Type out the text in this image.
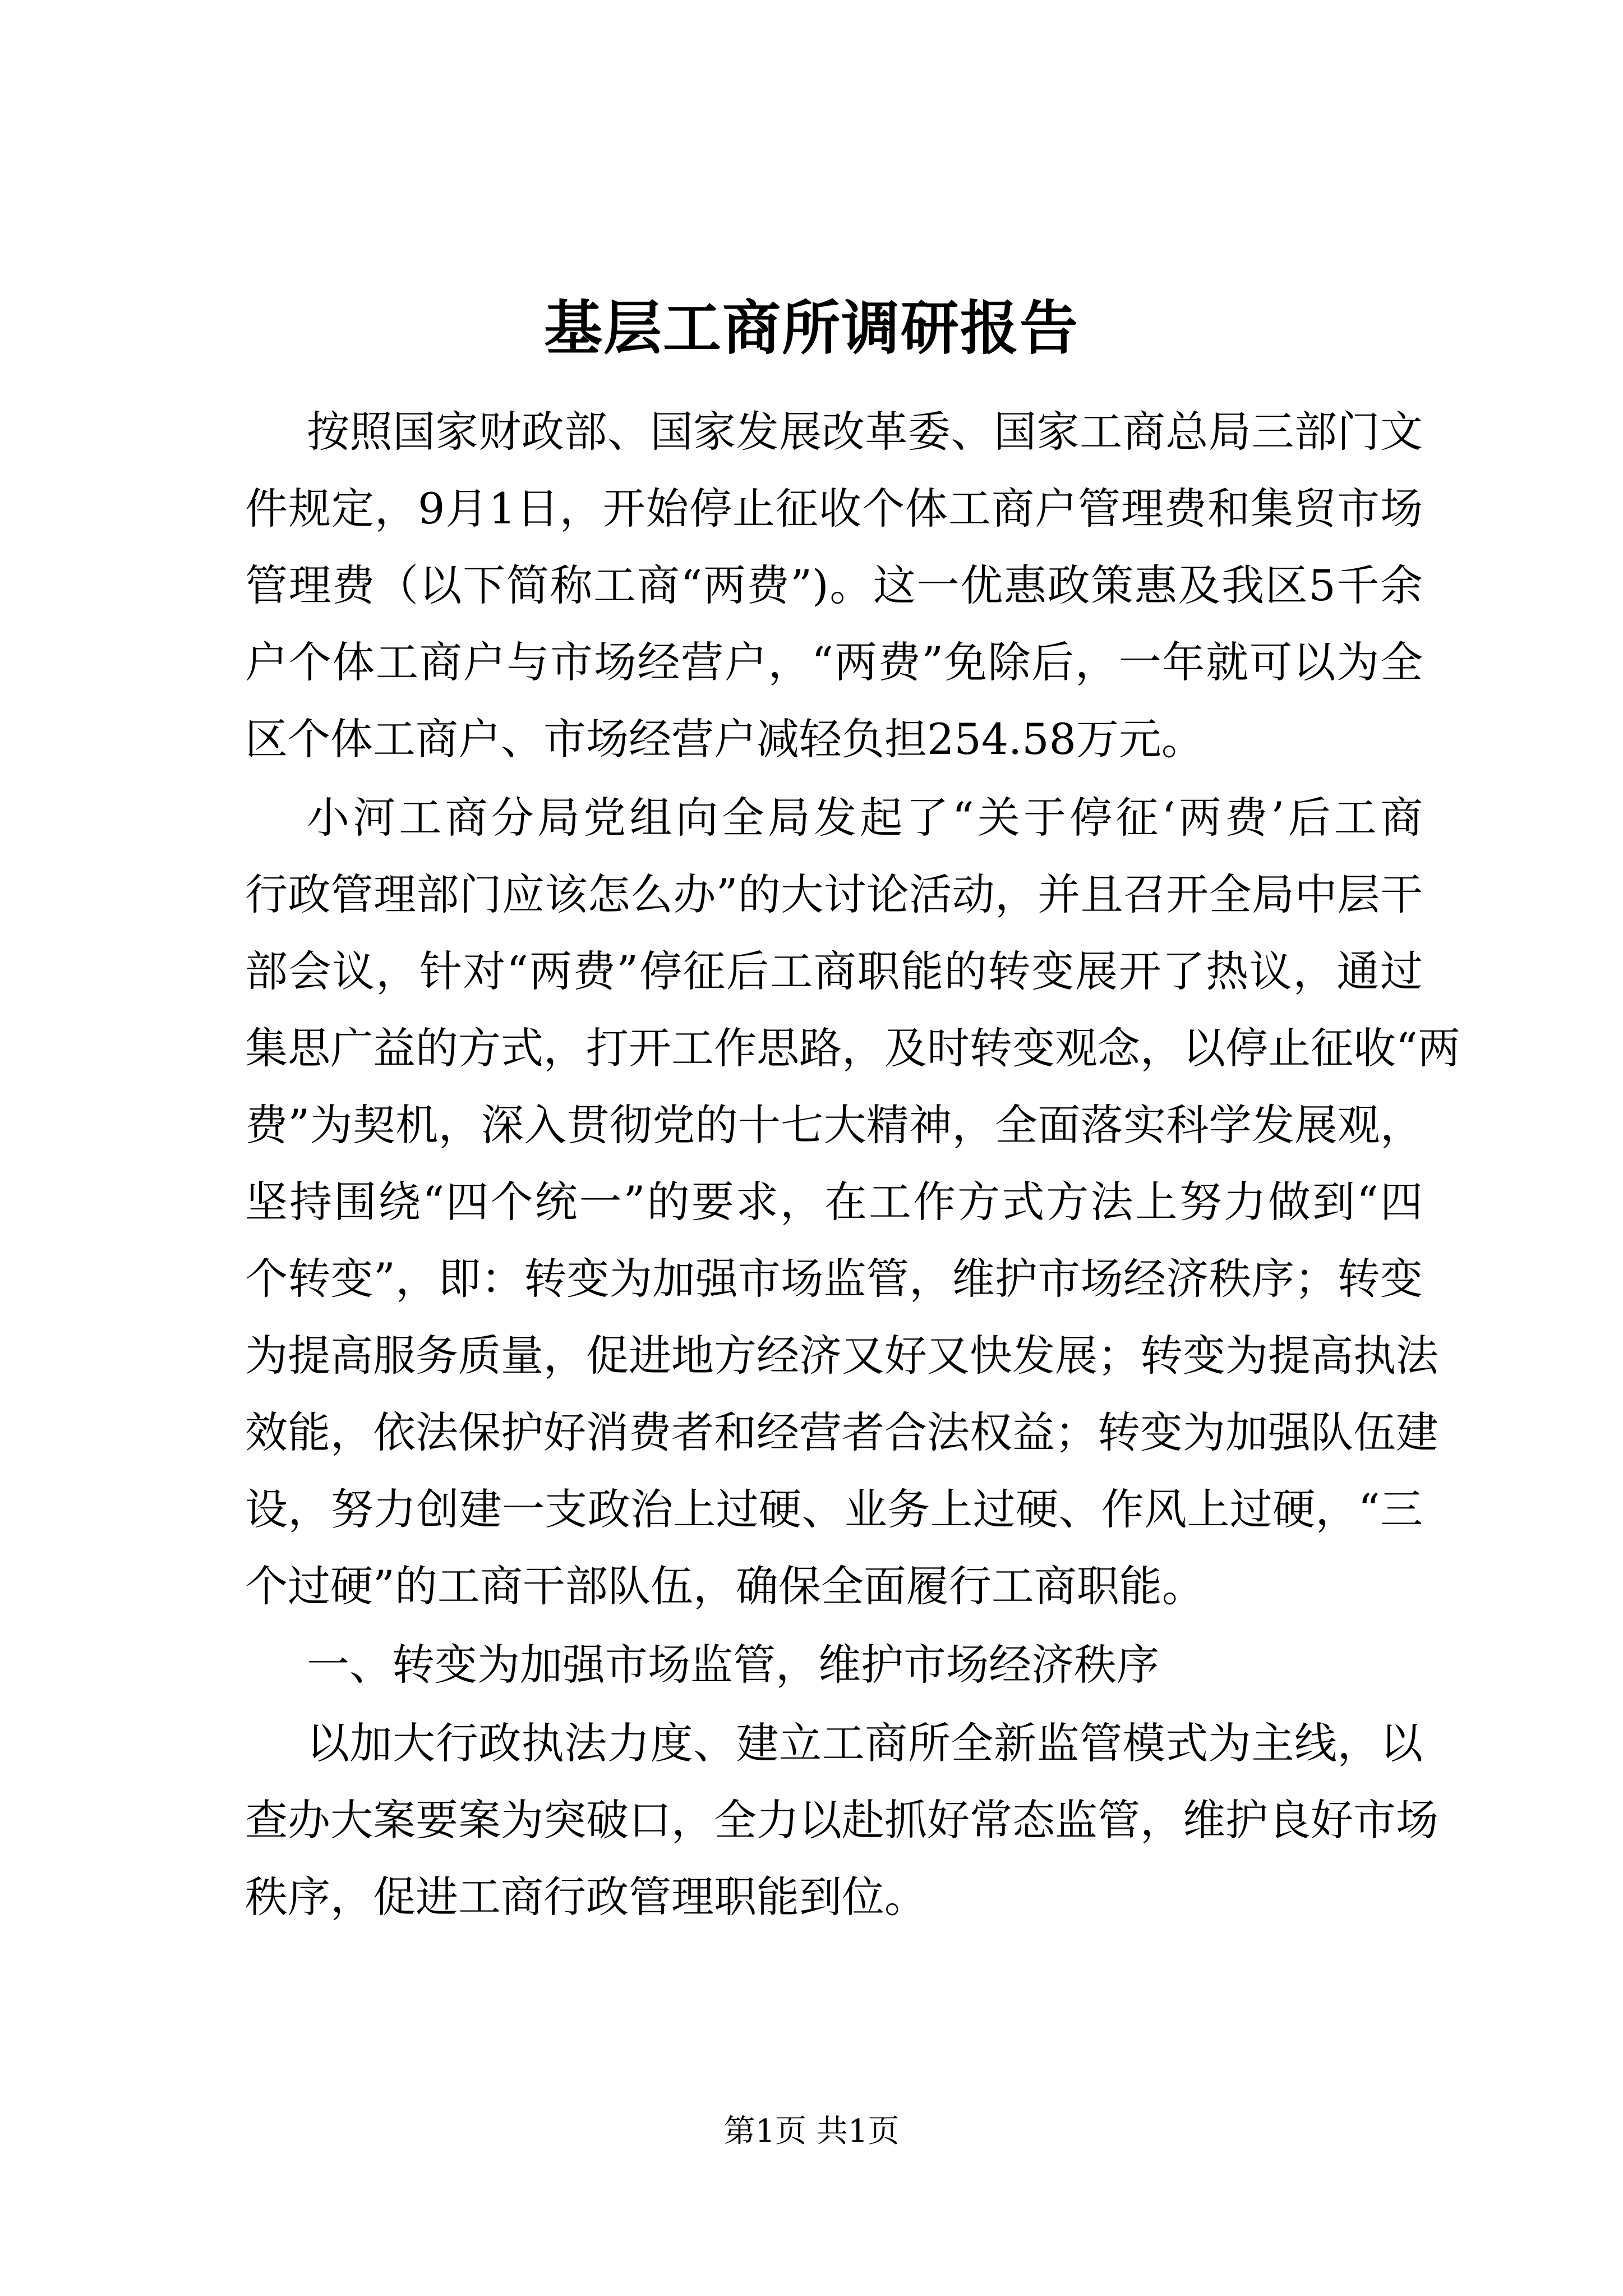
基层工商所调研报告
按照国家财政部、国家发展改革委、国家工商总局三部门文
件规定，9月1日，开始停止征收个体工商户管理费和集贸市场
管理费（以下简称工商“两费”)。这一优惠政策惠及我区5千余
户个体工商户与市场经营户，“两费”免除后，一年就可以为全
区个体工商户、市场经营户减轻负担254.58万元。
小河工商分局党组向全局发起了“关于停征‘两费’后工商
行政管理部门应该怎么办”的大讨论活动，并且召开全局中层干
部会议，针对“两费”停征后工商职能的转变展开了热议，通过
集思广益的方式，打开工作思路，及时转变观念，以停止征收“两
费”为契机，深入贯彻党的十七大精神，全面落实科学发展观，
坚持围绕“四个统一”的要求，在工作方式方法上努力做到“四
个转变”，即：转变为加强市场监管，维护市场经济秩序；转变
为提高服务质量，促进地方经济又好又快发展；转变为提高执法
效能，依法保护好消费者和经营者合法权益；转变为加强队伍建
设，努力创建一支政治上过硬、业务上过硬、作风上过硬，“三
个过硬”的工商干部队伍，确保全面履行工商职能。
一、转变为加强市场监管，维护市场经济秩序
以加大行政执法力度、建立工商所全新监管模式为主线，以
查办大案要案为突破口，全力以赴抓好常态监管，维护良好市场
秩序，促进工商行政管理职能到位。
第1页 共1页
